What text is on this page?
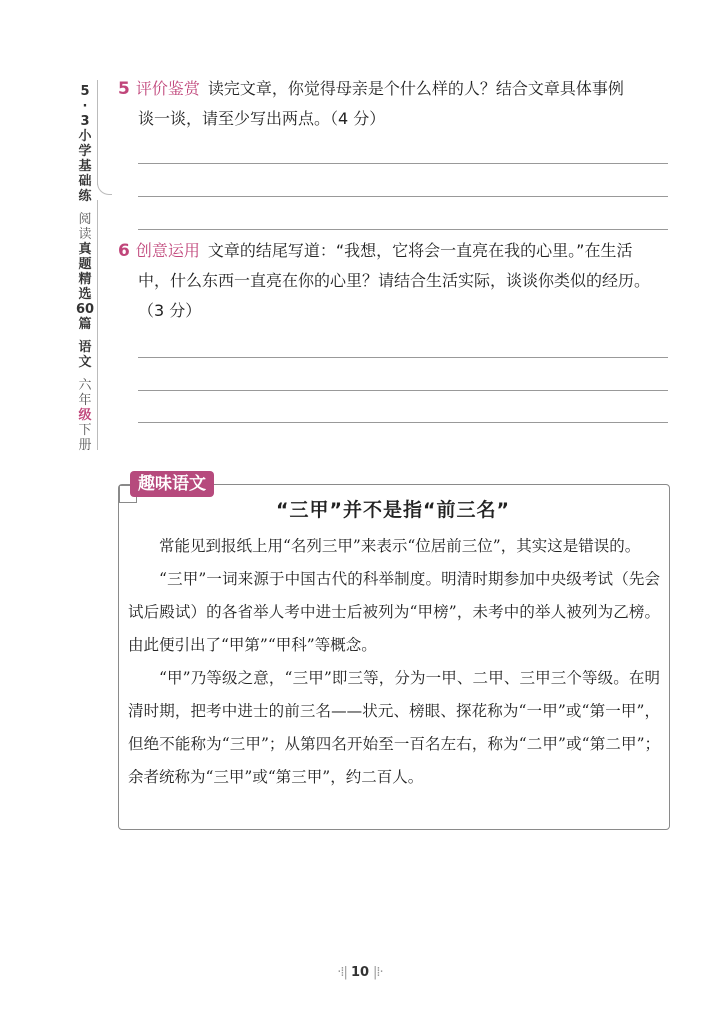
5
·
3
小
学
基
础
练
阅
读
真
题
精
选
60
篇
语
文
六
年
级
下
册
5 评价鉴赏 读完文章，你觉得母亲是个什么样的人？结合文章具体事例
谈一谈，请至少写出两点。（4 分）
6 创意运用 文章的结尾写道：“我想，它将会一直亮在我的心里。”在生活
中，什么东西一直亮在你的心里？请结合生活实际，谈谈你类似的经历。
（3 分）
趣味语文
“三甲”并不是指“前三名”

常能见到报纸上用“名列三甲”来表示“位居前三位”，其实这是错误的。

“三甲”一词来源于中国古代的科举制度。明清时期参加中央级考试（先会试后殿试）的各省举人考中进士后被列为“甲榜”，未考中的举人被列为乙榜。由此便引出了“甲第”“甲科”等概念。

“甲”乃等级之意，“三甲”即三等，分为一甲、二甲、三甲三个等级。在明清时期，把考中进士的前三名——状元、榜眼、探花称为“一甲”或“第一甲”，但绝不能称为“三甲”；从第四名开始至一百名左右，称为“二甲”或“第二甲”；余者统称为“三甲”或“第三甲”，约二百人。

·⁞| 10 |⁞·
